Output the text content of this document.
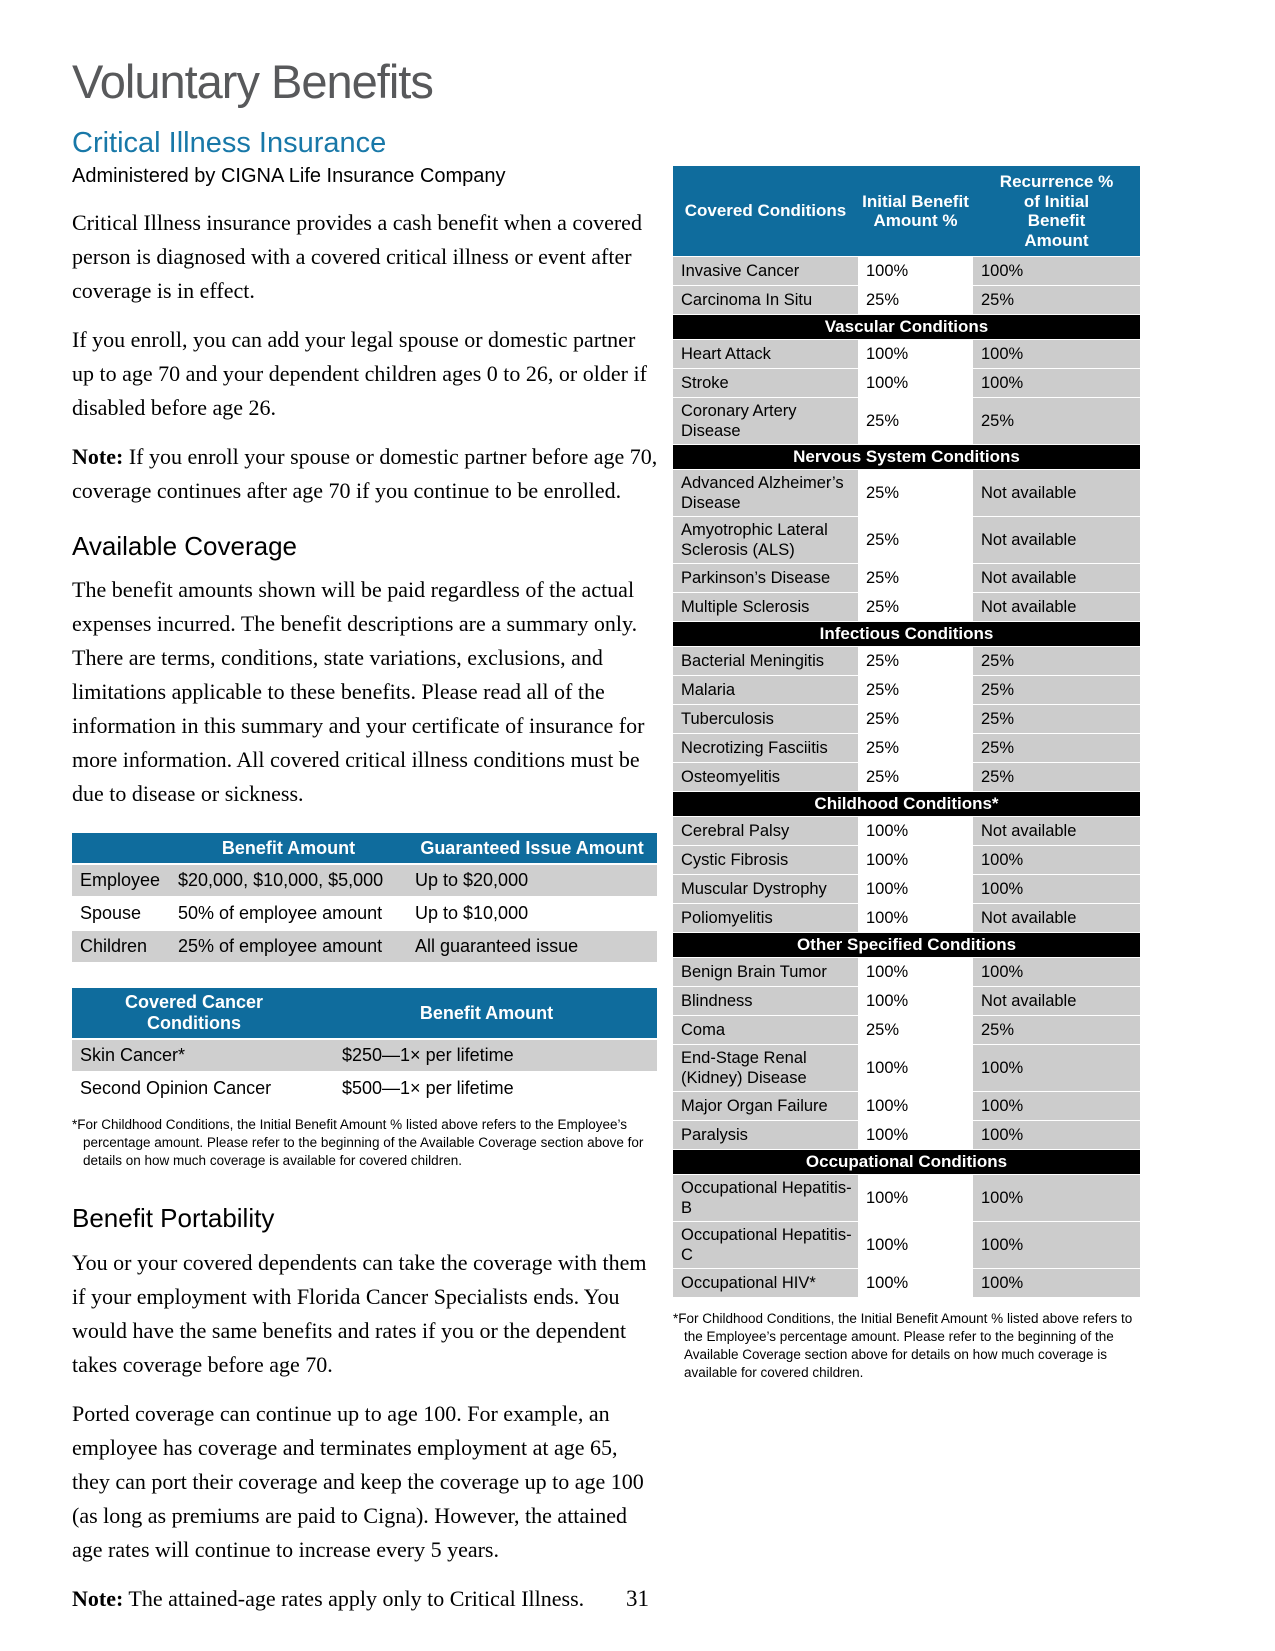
Voluntary Benefits
Critical Illness Insurance
Administered by CIGNA Life Insurance Company

Critical Illness insurance provides a cash benefit when a covered person is diagnosed with a covered critical illness or event after coverage is in effect.

If you enroll, you can add your legal spouse or domestic partner up to age 70 and your dependent children ages 0 to 26, or older if disabled before age 26.

Note: If you enroll your spouse or domestic partner before age 70, coverage continues after age 70 if you continue to be enrolled.

Available Coverage

The benefit amounts shown will be paid regardless of the actual expenses incurred. The benefit descriptions are a summary only. There are terms, conditions, state variations, exclusions, and limitations applicable to these benefits. Please read all of the information in this summary and your certificate of insurance for more information. All covered critical illness conditions must be due to disease or sickness.

	Benefit Amount	Guaranteed Issue Amount
Employee	$20,000, $10,000, $5,000	Up to $20,000
Spouse	50% of employee amount	Up to $10,000
Children	25% of employee amount	All guaranteed issue
Covered Cancer Conditions	Benefit Amount
Skin Cancer*	$250—1× per lifetime
Second Opinion Cancer	$500—1× per lifetime

*For Childhood Conditions, the Initial Benefit Amount % listed above refers to the Employee’s percentage amount. Please refer to the beginning of the Available Coverage section above for details on how much coverage is available for covered children.

Benefit Portability

You or your covered dependents can take the coverage with them if your employment with Florida Cancer Specialists ends. You would have the same benefits and rates if you or the dependent takes coverage before age 70.

Ported coverage can continue up to age 100. For example, an employee has coverage and terminates employment at age 65, they can port their coverage and keep the coverage up to age 100 (as long as premiums are paid to Cigna). However, the attained age rates will continue to increase every 5 years.

Note: The attained-age rates apply only to Critical Illness.

Covered Conditions	Initial Benefit Amount %	Recurrence % of Initial Benefit Amount
Invasive Cancer	100%	100%
Carcinoma In Situ	25%	25%
Vascular Conditions		
Heart Attack	100%	100%
Stroke	100%	100%
Coronary Artery Disease	25%	25%
Nervous System Conditions		
Advanced Alzheimer’s Disease	25%	Not available
Amyotrophic Lateral Sclerosis (ALS)	25%	Not available
Parkinson’s Disease	25%	Not available
Multiple Sclerosis	25%	Not available
Infectious Conditions		
Bacterial Meningitis	25%	25%
Malaria	25%	25%
Tuberculosis	25%	25%
Necrotizing Fasciitis	25%	25%
Osteomyelitis	25%	25%
Childhood Conditions*		
Cerebral Palsy	100%	Not available
Cystic Fibrosis	100%	100%
Muscular Dystrophy	100%	100%
Poliomyelitis	100%	Not available
Other Specified Conditions		
Benign Brain Tumor	100%	100%
Blindness	100%	Not available
Coma	25%	25%
End-Stage Renal (Kidney) Disease	100%	100%
Major Organ Failure	100%	100%
Paralysis	100%	100%
Occupational Conditions		
Occupational Hepatitis-B	100%	100%
Occupational Hepatitis-C	100%	100%
Occupational HIV*	100%	100%

*For Childhood Conditions, the Initial Benefit Amount % listed above refers to the Employee’s percentage amount. Please refer to the beginning of the Available Coverage section above for details on how much coverage is available for covered children.

31
